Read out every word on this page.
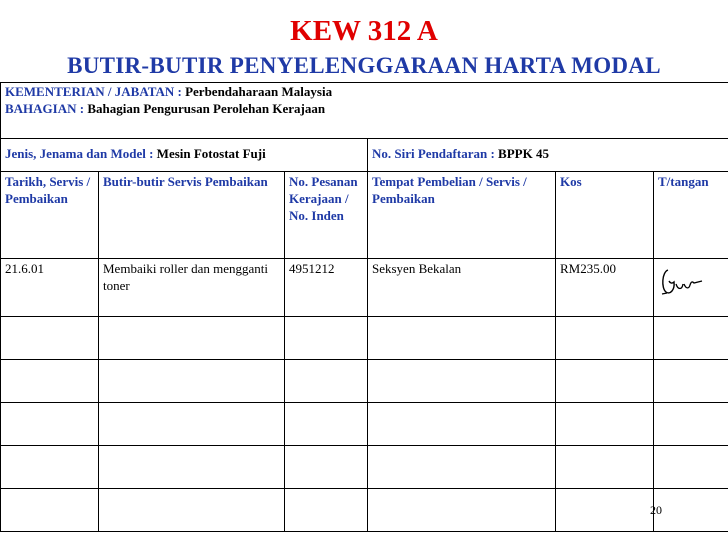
KEW 312 A
BUTIR-BUTIR PENYELENGGARAAN HARTA MODAL
KEMENTERIAN / JABATAN : Perbendaharaan Malaysia
BAHAGIAN : Bahagian Pengurusan Perolehan Kerajaan					

Jenis, Jenama dan Model : Mesin Fotostat Fuji			No. Siri Pendaftaran : BPPK 45		
Tarikh, Servis / Pembaikan	Butir-butir Servis Pembaikan	No. Pesanan Kerajaan / No. Inden	Tempat Pembelian / Servis / Pembaikan	Kos	T/tangan
21.6.01	Membaiki roller dan mengganti toner	4951212	Seksyen Bekalan	RM235.00	

20
